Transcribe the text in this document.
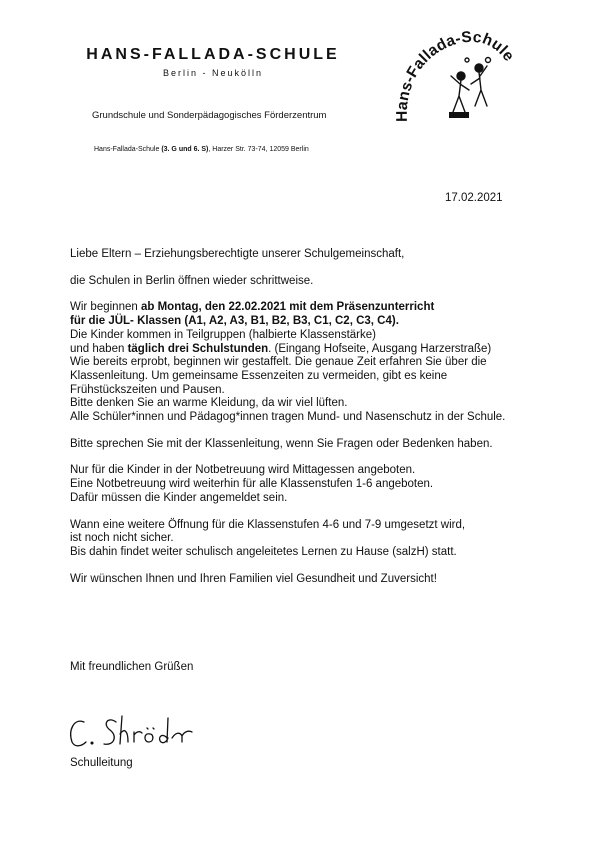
HANS-FALLADA-SCHULE
Berlin - Neukölln
Grundschule und Sonderpädagogisches Förderzentrum
Hans-Fallada-Schule (3. G und 6. S), Harzer Str. 73-74, 12059 Berlin
Hans-Fallada-Schule
17.02.2021

Liebe Eltern – Erziehungsberechtigte unserer Schulgemeinschaft,

die Schulen in Berlin öffnen wieder schrittweise.

Wir beginnen ab Montag, den 22.02.2021 mit dem Präsenzunterricht

für die JÜL- Klassen (A1, A2, A3, B1, B2, B3, C1, C2, C3, C4).

Die Kinder kommen in Teilgruppen (halbierte Klassenstärke)

und haben täglich drei Schulstunden. (Eingang Hofseite, Ausgang Harzerstraße)

Wie bereits erprobt, beginnen wir gestaffelt. Die genaue Zeit erfahren Sie über die Klassenleitung. Um gemeinsame Essenzeiten zu vermeiden, gibt es keine Frühstückszeiten und Pausen.

Bitte denken Sie an warme Kleidung, da wir viel lüften.

Alle Schüler*innen und Pädagog*innen tragen Mund- und Nasenschutz in der Schule.

Bitte sprechen Sie mit der Klassenleitung, wenn Sie Fragen oder Bedenken haben.

Nur für die Kinder in der Notbetreuung wird Mittagessen angeboten.

Eine Notbetreuung wird weiterhin für alle Klassenstufen 1-6 angeboten.

Dafür müssen die Kinder angemeldet sein.

Wann eine weitere Öffnung für die Klassenstufen 4-6 und 7-9 umgesetzt wird,

ist noch nicht sicher.

Bis dahin findet weiter schulisch angeleitetes Lernen zu Hause (salzH) statt.

Wir wünschen Ihnen und Ihren Familien viel Gesundheit und Zuversicht!

Mit freundlichen Grüßen
Schulleitung
